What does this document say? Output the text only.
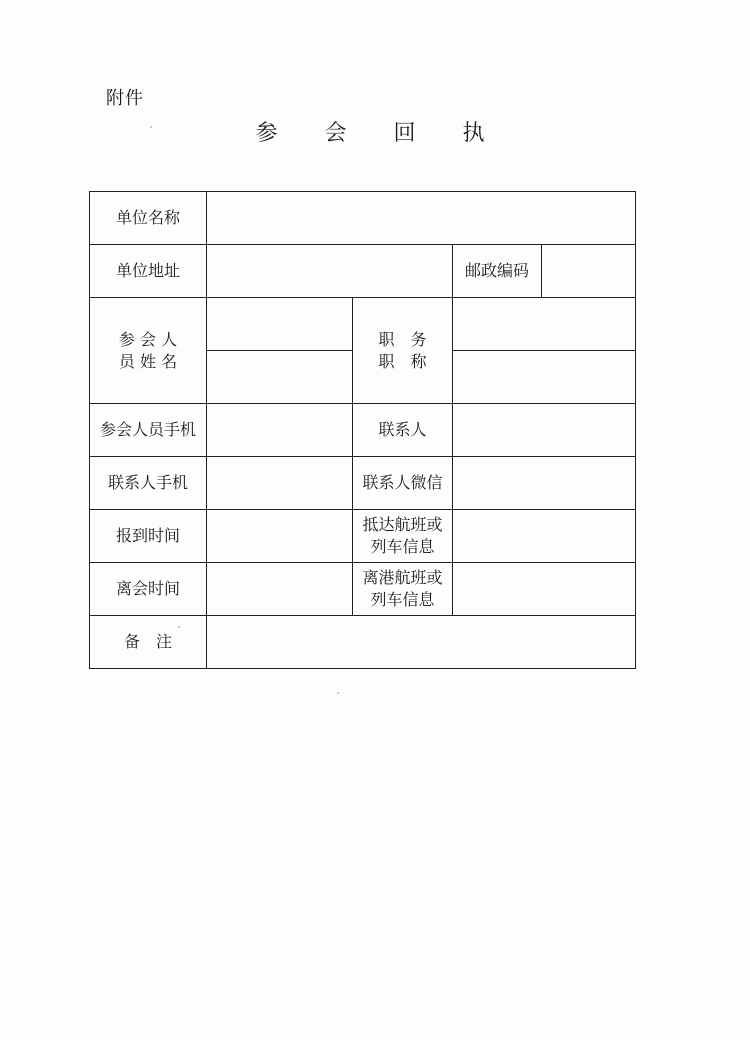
附件
参 会 回 执
单位名称				
单位地址			邮政编码	

参 会 人
员 姓 名		职　务
职　称		

参会人员手机		联系人		
联系人手机		联系人微信		
报到时间		抵达航班或
列车信息		

离会时间		离港航班或
列车信息		

备　注				
